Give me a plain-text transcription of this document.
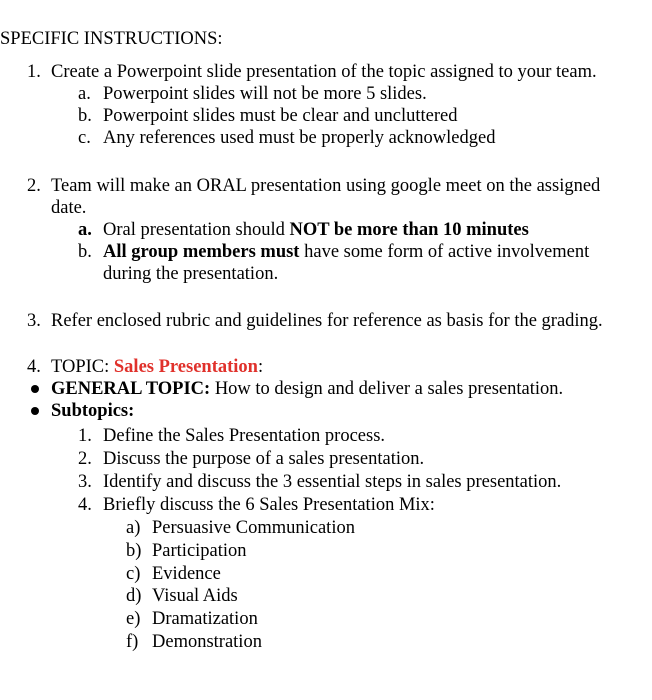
SPECIFIC INSTRUCTIONS:
1. Create a Powerpoint slide presentation of the topic assigned to your team.
a. Powerpoint slides will not be more 5 slides.
b. Powerpoint slides must be clear and uncluttered
c. Any references used must be properly acknowledged
2. Team will make an ORAL presentation using google meet on the assigned
date.
a. Oral presentation should NOT be more than 10 minutes
b. All group members must have some form of active involvement
during the presentation.
3. Refer enclosed rubric and guidelines for reference as basis for the grading.
4. TOPIC: Sales Presentation:
GENERAL TOPIC: How to design and deliver a sales presentation.
Subtopics:
1. Define the Sales Presentation process.
2. Discuss the purpose of a sales presentation.
3. Identify and discuss the 3 essential steps in sales presentation.
4. Briefly discuss the 6 Sales Presentation Mix:
a) Persuasive Communication
b) Participation
c) Evidence
d) Visual Aids
e) Dramatization
f) Demonstration
